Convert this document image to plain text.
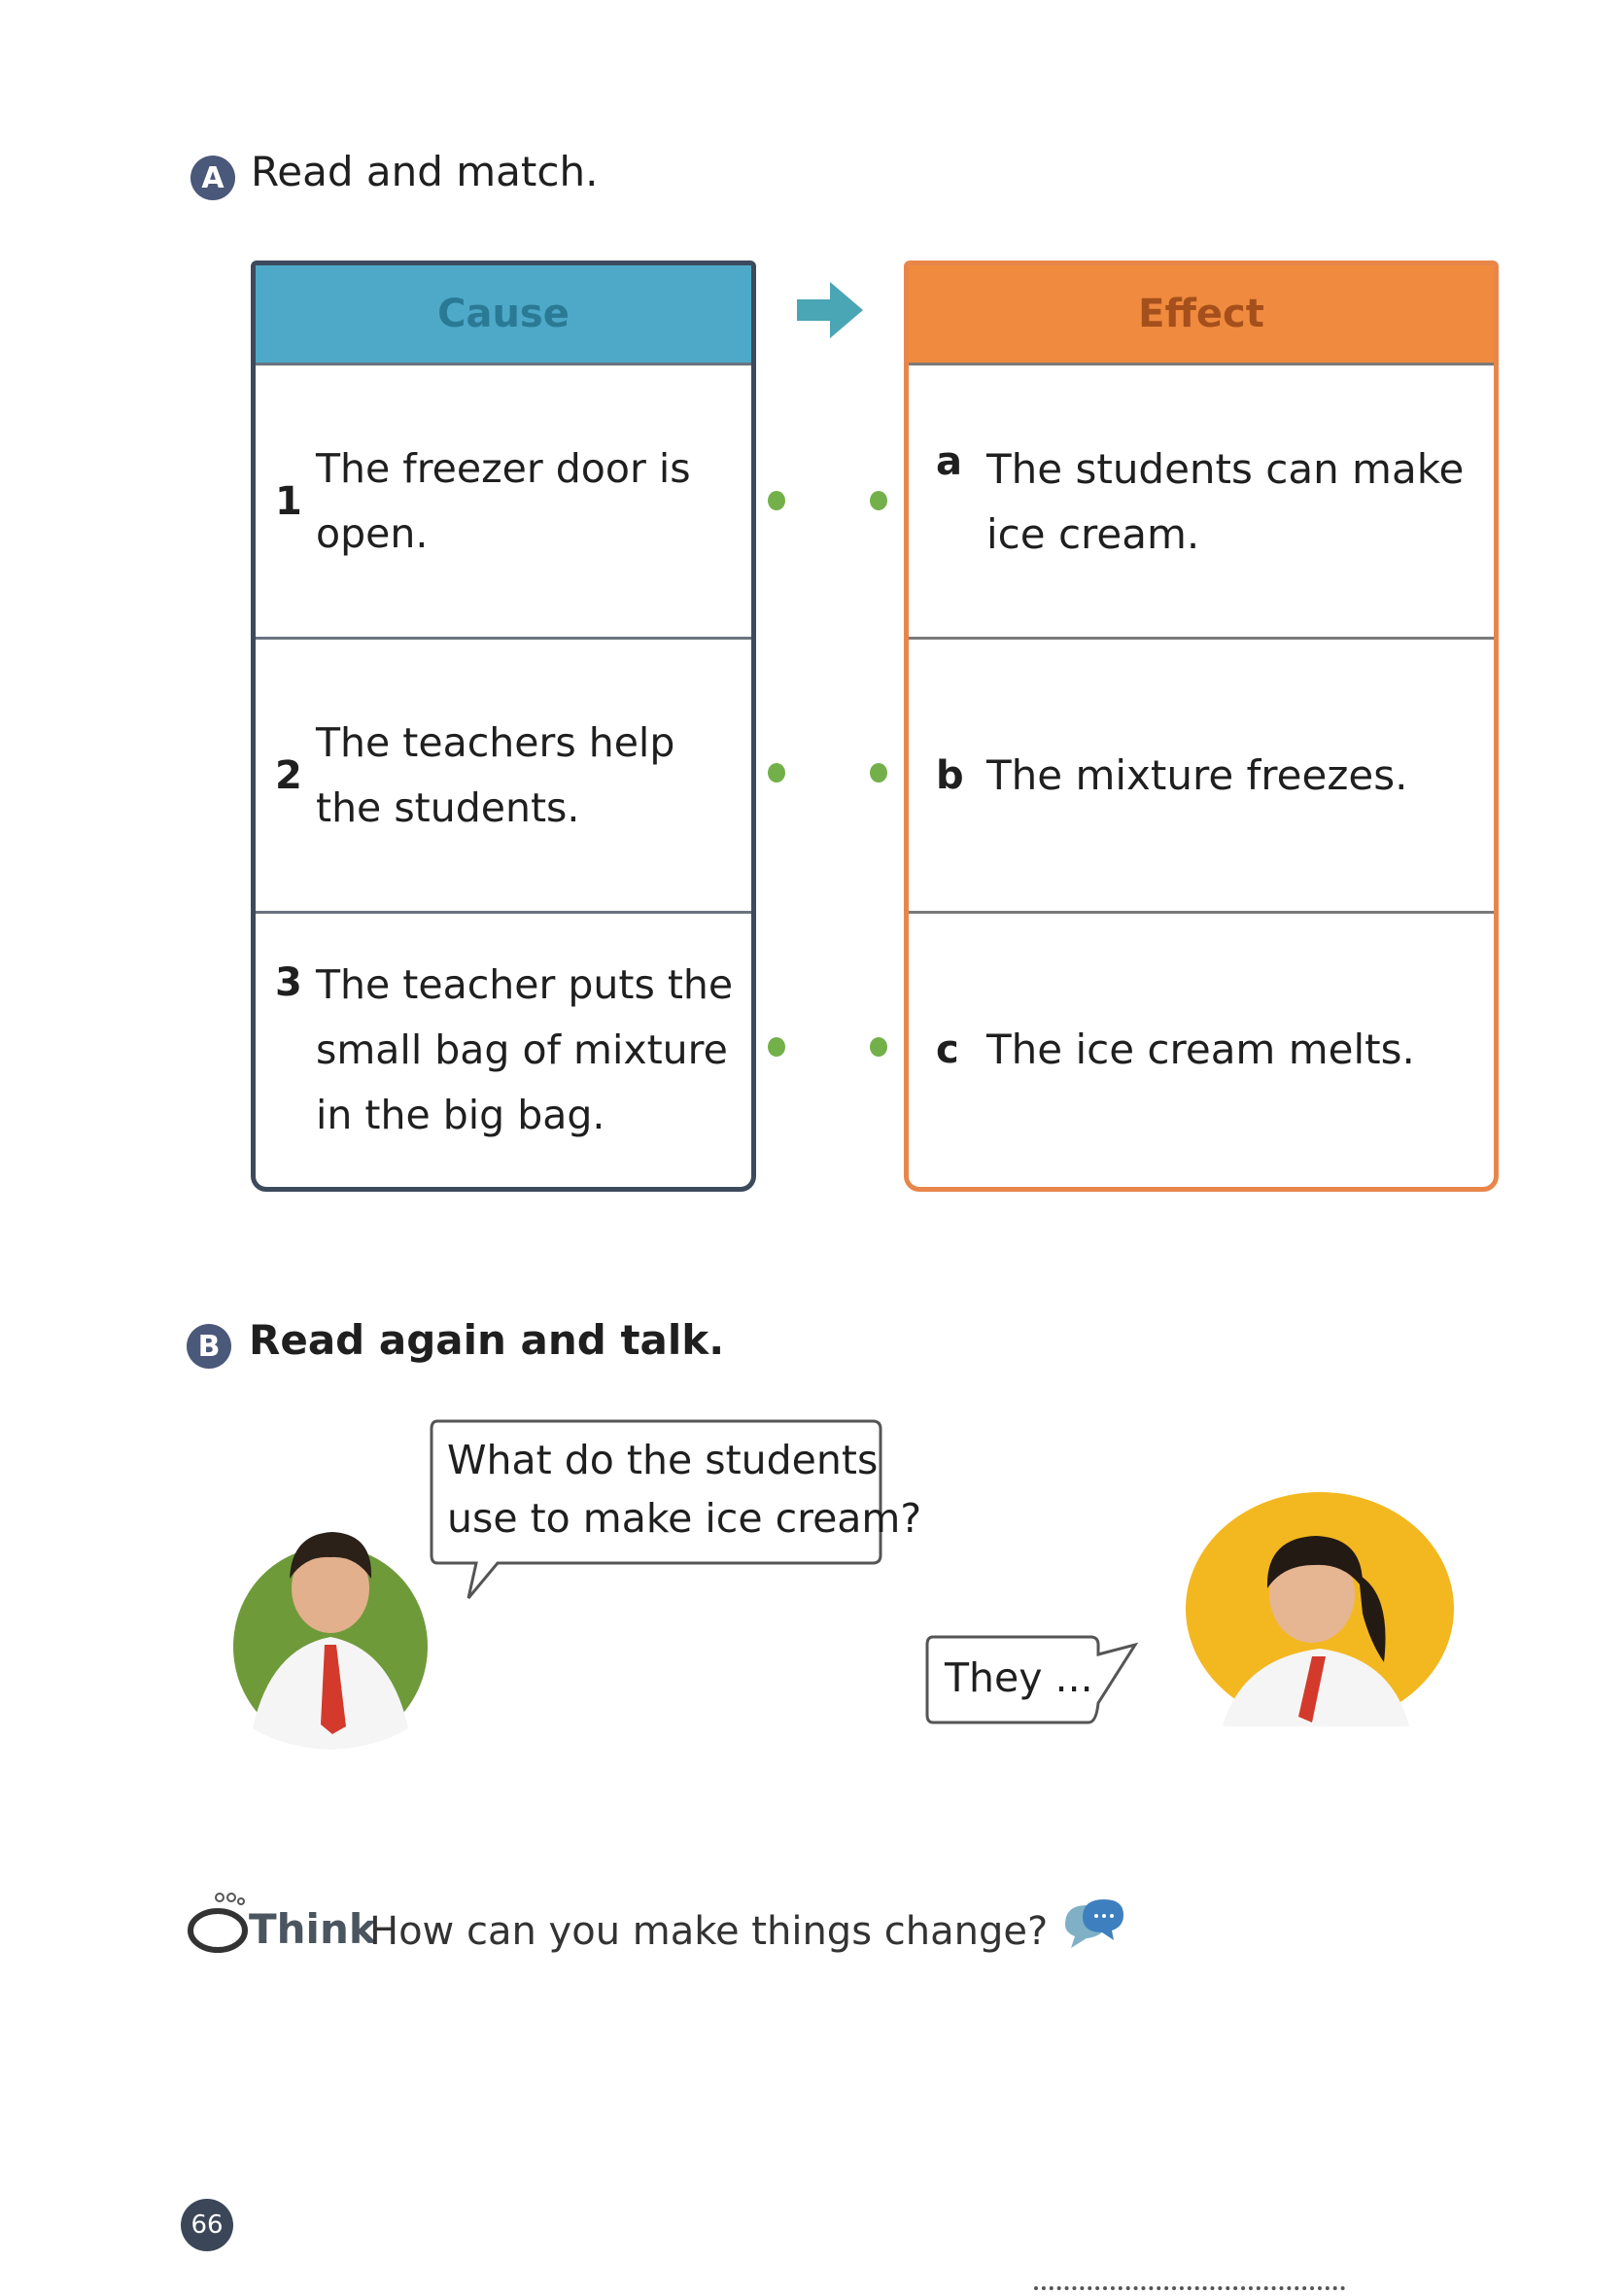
A Read and match.
Cause
1
The freezer door is open.
2
The teachers help the students.
3 The teacher puts the small bag of mixture in the big bag.
Effect
a The students can make ice cream.
b The mixture freezes.
c The ice cream melts.
B Read again and talk.
What do the students
use to make ice cream?
They ...
Think
How can you make things change?
66
